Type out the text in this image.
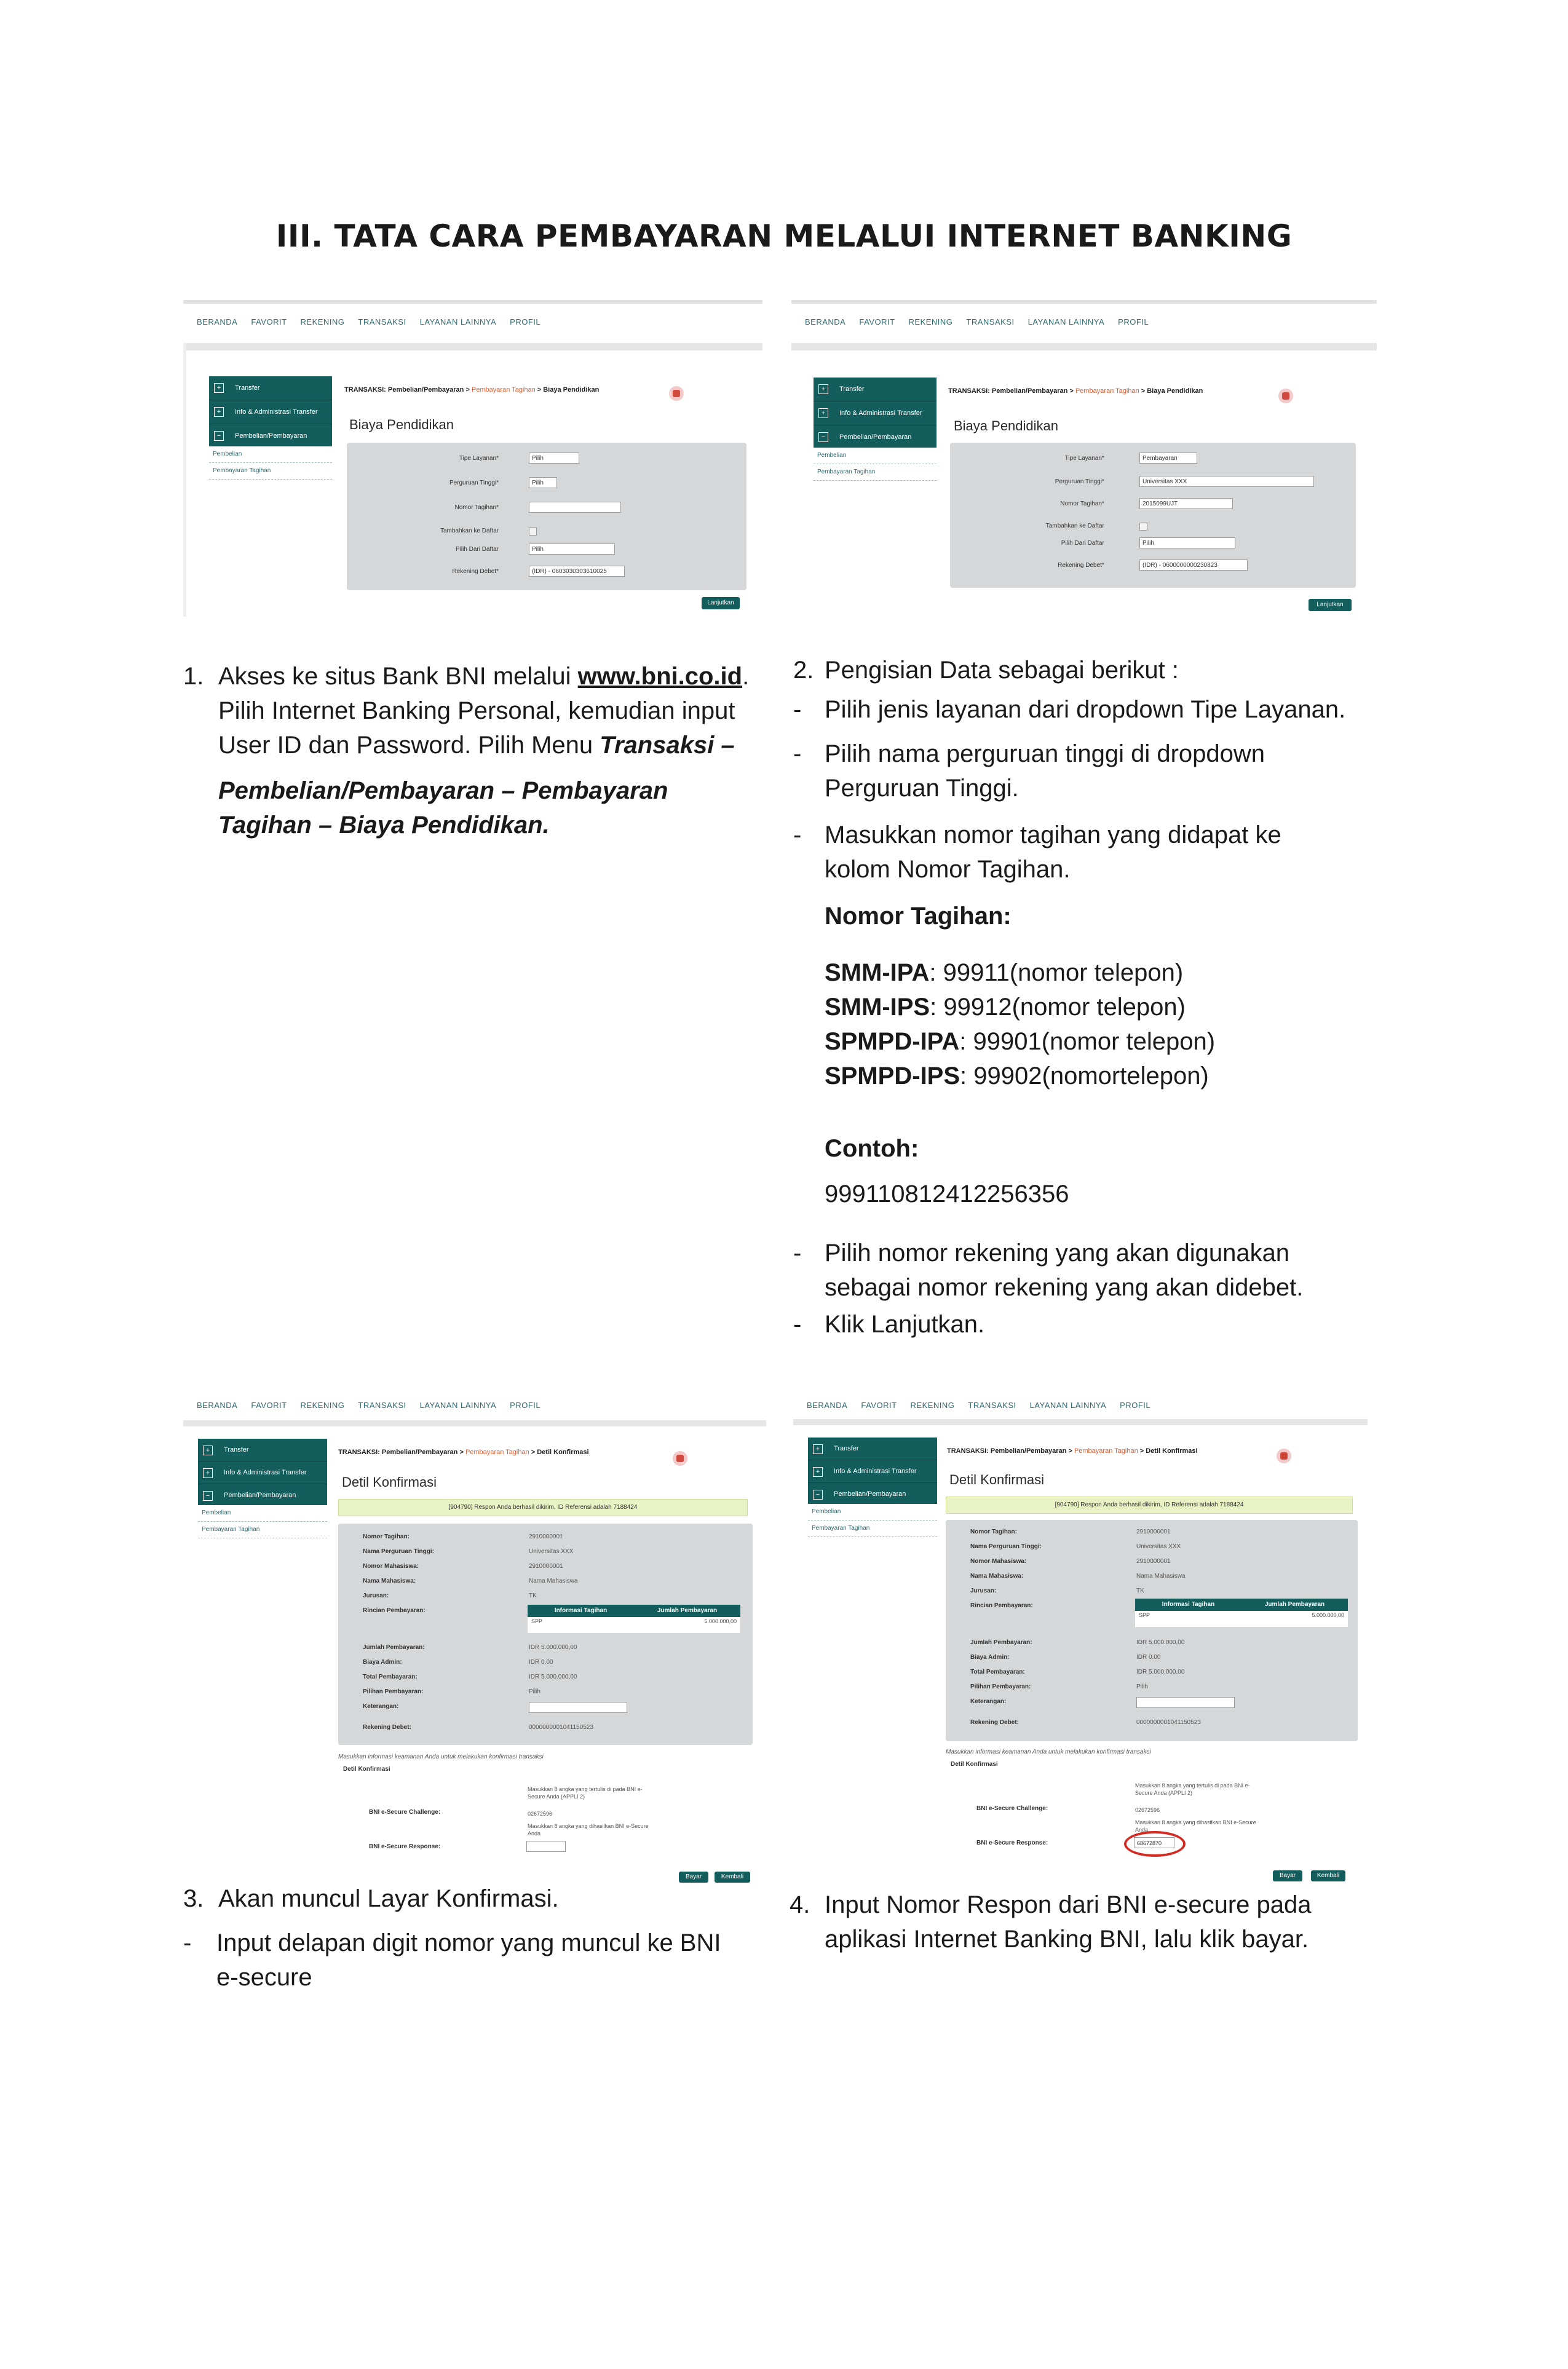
III. TATA CARA PEMBAYARAN MELALUI INTERNET BANKING
BERANDA FAVORIT REKENING TRANSAKSI LAYANAN LAINNYA PROFIL
+	Transfer
+	Info & Administrasi Transfer
−	Pembelian/Pembayaran
Pembelian
Pembayaran Tagihan
TRANSAKSI: Pembelian/Pembayaran > Pembayaran Tagihan > Biaya Pendidikan
Biaya Pendidikan
Tipe Layanan*	Pilih
Perguruan Tinggi*	Pilih
Nomor Tagihan*
Tambahkan ke Daftar
Pilih Dari Daftar	Pilih
Rekening Debet*	(IDR) - 0603030303610025
Lanjutkan
BERANDA FAVORIT REKENING TRANSAKSI LAYANAN LAINNYA PROFIL
+	Transfer
+	Info & Administrasi Transfer
−	Pembelian/Pembayaran
Pembelian
Pembayaran Tagihan
TRANSAKSI: Pembelian/Pembayaran > Pembayaran Tagihan > Biaya Pendidikan
Biaya Pendidikan
Tipe Layanan*	Pembayaran
Perguruan Tinggi*	Universitas XXX
Nomor Tagihan*	2015099UJT
Tambahkan ke Daftar
Pilih Dari Daftar	Pilih
Rekening Debet*	(IDR) - 0600000000230823
Lanjutkan
1. Akses ke situs Bank BNI melalui www.bni.co.id.
Pilih Internet Banking Personal, kemudian input
User ID dan Password. Pilih Menu Transaksi –
Pembelian/Pembayaran – Pembayaran
Tagihan – Biaya Pendidikan.
2. Pengisian Data sebagai berikut :
- Pilih jenis layanan dari dropdown Tipe Layanan.
- Pilih nama perguruan tinggi di dropdown
Perguruan Tinggi.
- Masukkan nomor tagihan yang didapat ke
kolom Nomor Tagihan.
Nomor Tagihan:
SMM-IPA: 99911(nomor telepon)
SMM-IPS: 99912(nomor telepon)
SPMPD-IPA: 99901(nomor telepon)
SPMPD-IPS: 99902(nomortelepon)
Contoh:
999110812412256356
- Pilih nomor rekening yang akan digunakan
sebagai nomor rekening yang akan didebet.
- Klik Lanjutkan.
BERANDA FAVORIT REKENING TRANSAKSI LAYANAN LAINNYA PROFIL
+	Transfer
+	Info & Administrasi Transfer
−	Pembelian/Pembayaran
Pembelian
Pembayaran Tagihan
TRANSAKSI: Pembelian/Pembayaran > Pembayaran Tagihan > Detil Konfirmasi
Detil Konfirmasi
[904790] Respon Anda berhasil dikirim, ID Referensi adalah 7188424
Nomor Tagihan:	2910000001
Nama Perguruan Tinggi:	Universitas XXX
Nomor Mahasiswa:	2910000001
Nama Mahasiswa:	Nama Mahasiswa
Jurusan:	TK
Rincian Pembayaran:	Informasi Tagihan	Jumlah Pembayaran
SPP	5.000.000,00
Jumlah Pembayaran:	IDR 5.000.000,00
Biaya Admin:	IDR 0.00
Total Pembayaran:	IDR 5.000.000,00
Pilihan Pembayaran:	Pilih
Keterangan:
Rekening Debet:	0000000001041150523
Masukkan informasi keamanan Anda untuk melakukan konfirmasi transaksi
Detil Konfirmasi
Masukkan 8 angka yang tertulis di pada BNI e-Secure Anda (APPLI 2)
BNI e-Secure Challenge:	02672596
Masukkan 8 angka yang dihasilkan BNI e-Secure Anda
BNI e-Secure Response:
Bayar	Kembali
BERANDA FAVORIT REKENING TRANSAKSI LAYANAN LAINNYA PROFIL
+	Transfer
+	Info & Administrasi Transfer
−	Pembelian/Pembayaran
Pembelian
Pembayaran Tagihan
TRANSAKSI: Pembelian/Pembayaran > Pembayaran Tagihan > Detil Konfirmasi
Detil Konfirmasi
[904790] Respon Anda berhasil dikirim, ID Referensi adalah 7188424
Nomor Tagihan:	2910000001
Nama Perguruan Tinggi:	Universitas XXX
Nomor Mahasiswa:	2910000001
Nama Mahasiswa:	Nama Mahasiswa
Jurusan:	TK
Rincian Pembayaran:	Informasi Tagihan	Jumlah Pembayaran
SPP	5.000.000,00
Jumlah Pembayaran:	IDR 5.000.000,00
Biaya Admin:	IDR 0.00
Total Pembayaran:	IDR 5.000.000,00
Pilihan Pembayaran:	Pilih
Keterangan:
Rekening Debet:	0000000001041150523
Masukkan informasi keamanan Anda untuk melakukan konfirmasi transaksi
Detil Konfirmasi
Masukkan 8 angka yang tertulis di pada BNI e-Secure Anda (APPLI 2)
BNI e-Secure Challenge:	02672596
Masukkan 8 angka yang dihasilkan BNI e-Secure Anda
BNI e-Secure Response:	68672870
Bayar	Kembali
3. Akan muncul Layar Konfirmasi.
- Input delapan digit nomor yang muncul ke BNI
e-secure
4. Input Nomor Respon dari BNI e-secure pada
aplikasi Internet Banking BNI, lalu klik bayar.
